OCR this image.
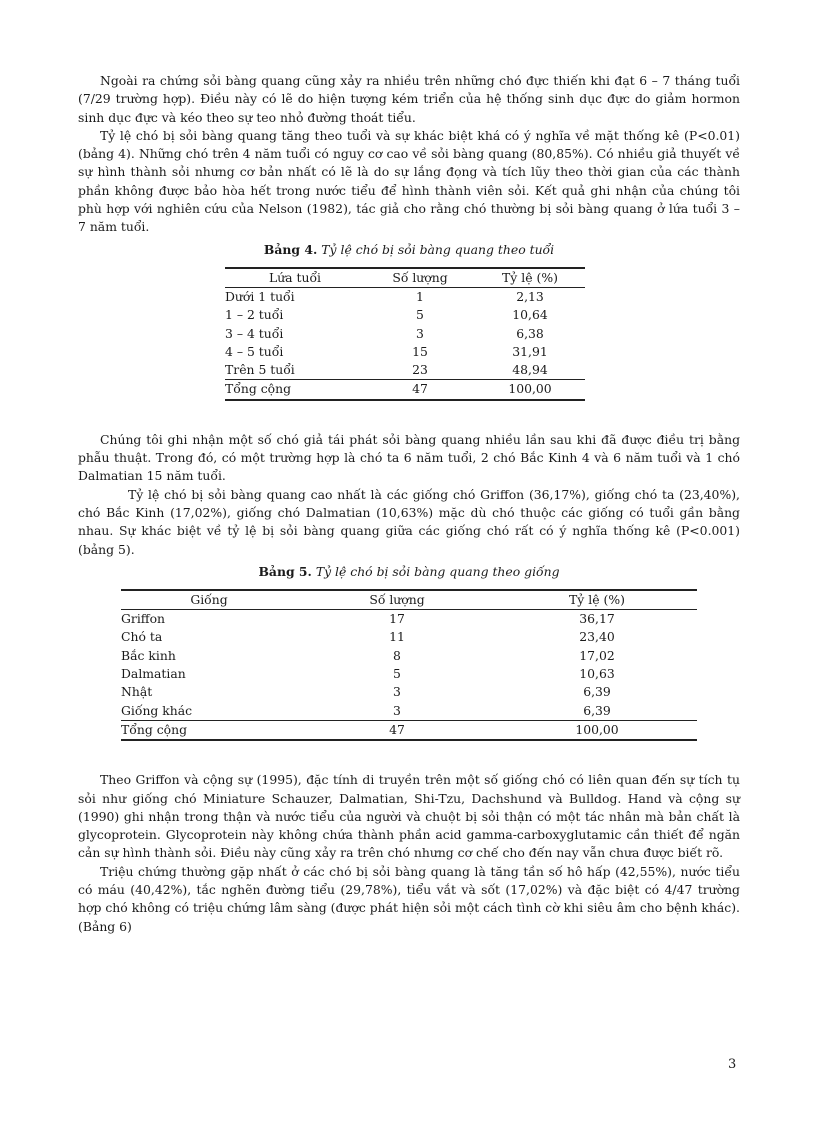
Ngoài ra chứng sỏi bàng quang cũng xảy ra nhiều trên những chó đực thiến khi đạt 6 – 7 tháng tuổi (7/29 trường hợp). Điều này có lẽ do hiện tượng kém triển của hệ thống sinh dục đực do giảm hormon sinh dục đực và kéo theo sự teo nhỏ đường thoát tiểu.

Tỷ lệ chó bị sỏi bàng quang tăng theo tuổi và sự khác biệt khá có ý nghĩa về mặt thống kê (P<0.01) (bảng 4). Những chó trên 4 năm tuổi có nguy cơ cao về sỏi bàng quang (80,85%). Có nhiều giả thuyết về sự hình thành sỏi nhưng cơ bản nhất có lẽ là do sự lắng đọng và tích lũy theo thời gian của các thành phần không được bảo hòa hết trong nước tiểu để hình thành viên sỏi. Kết quả ghi nhận của chúng tôi phù hợp với nghiên cứu của Nelson (1982), tác giả cho rằng chó thường bị sỏi bàng quang ở lứa tuổi 3 – 7 năm tuổi.

Bảng 4. Tỷ lệ chó bị sỏi bàng quang theo tuổi
Lứa tuổi	Số lượng	Tỷ lệ (%)
Dưới 1 tuổi	1	2,13
1 – 2 tuổi	5	10,64
3 – 4 tuổi	3	6,38
4 – 5 tuổi	15	31,91
Trên 5 tuổi	23	48,94
Tổng cộng	47	100,00

Chúng tôi ghi nhận một số chó giả tái phát sỏi bàng quang nhiều lần sau khi đã được điều trị bằng phẫu thuật. Trong đó, có một trường hợp là chó ta 6 năm tuổi, 2 chó Bắc Kinh 4 và 6 năm tuổi và 1 chó Dalmatian 15 năm tuổi.

Tỷ lệ chó bị sỏi bàng quang cao nhất là các giống chó Griffon (36,17%), giống chó ta (23,40%), chó Bắc Kinh (17,02%), giống chó Dalmatian (10,63%) mặc dù chó thuộc các giống có tuổi gần bằng nhau. Sự khác biệt về tỷ lệ bị sỏi bàng quang giữa các giống chó rất có ý nghĩa thống kê (P<0.001) (bảng 5).

Bảng 5. Tỷ lệ chó bị sỏi bàng quang theo giống
Giống	Số lượng	Tỷ lệ (%)
Griffon	17	36,17
Chó ta	11	23,40
Bắc kinh	8	17,02
Dalmatian	5	10,63
Nhật	3	6,39
Giống khác	3	6,39
Tổng cộng	47	100,00

Theo Griffon và cộng sự (1995), đặc tính di truyền trên một số giống chó có liên quan đến sự tích tụ sỏi như giống chó Miniature Schauzer, Dalmatian, Shi-Tzu, Dachshund và Bulldog. Hand và cộng sự (1990) ghi nhận trong thận và nước tiểu của người và chuột bị sỏi thận có một tác nhân mà bản chất là glycoprotein. Glycoprotein này không chứa thành phần acid gamma-carboxyglutamic cần thiết để ngăn cản sự hình thành sỏi. Điều này cũng xảy ra trên chó nhưng cơ chế cho đến nay vẫn chưa được biết rõ.

Triệu chứng thường gặp nhất ở các chó bị sỏi bàng quang là tăng tần số hô hấp (42,55%), nước tiểu có máu (40,42%), tắc nghẽn đường tiểu (29,78%), tiểu vắt và sốt (17,02%) và đặc biệt có 4/47 trường hợp chó không có triệu chứng lâm sàng (được phát hiện sỏi một cách tình cờ khi siêu âm cho bệnh khác). (Bảng 6)

3
